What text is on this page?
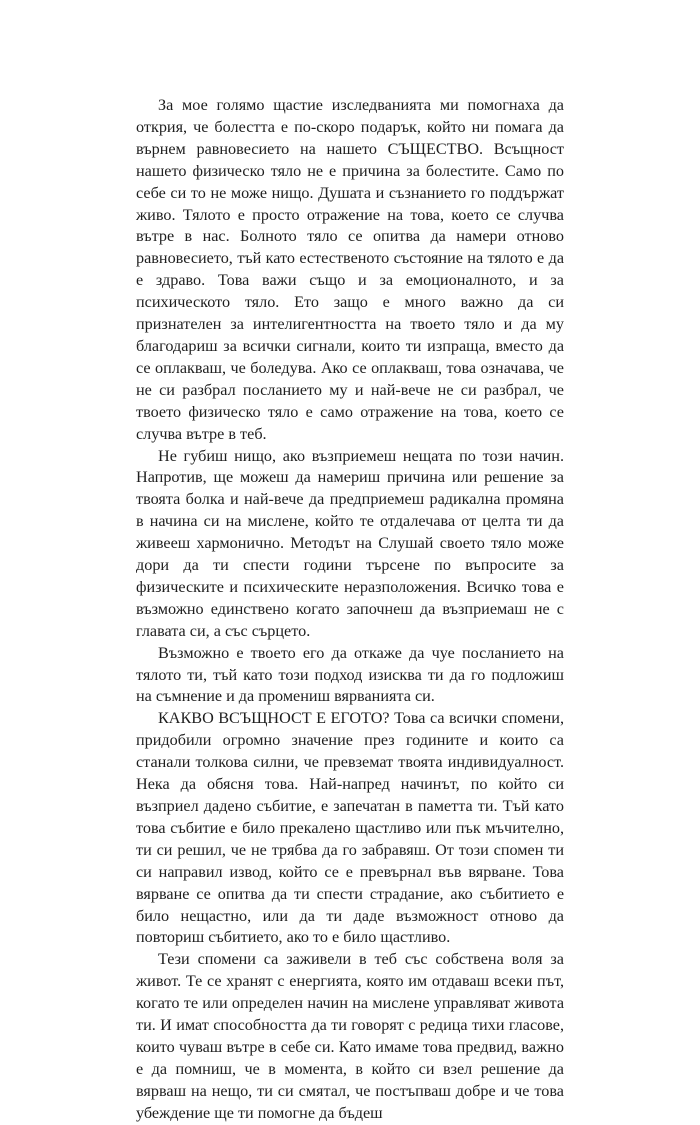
За мое голямо щастие изследванията ми помогнаха да открия, че болестта е по-скоро подарък, който ни помага да върнем равновесието на нашето СЪЩЕСТВО. Всъщност нашето физическо тяло не е причина за болестите. Само по себе си то не може нищо. Душата и съзнанието го поддържат живо. Тялото е просто отражение на това, което се случва вътре в нас. Болното тяло се опитва да намери отново равновесието, тъй като естественото състояние на тялото е да е здраво. Това важи също и за емоционалното, и за психическото тяло. Ето защо е много важно да си признателен за интелигентността на твоето тяло и да му благодариш за всички сигнали, които ти изпраща, вместо да се оплакваш, че боледува. Ако се оплакваш, това означава, че не си разбрал посланието му и най-вече не си разбрал, че твоето физическо тяло е само отражение на това, което се случва вътре в теб.

Не губиш нищо, ако възприемеш нещата по този начин. Напротив, ще можеш да намериш причина или решение за твоята болка и най-вече да предприемеш радикална промяна в начина си на мислене, който те отдалечава от целта ти да живееш хармонично. Методът на Слушай своето тяло може дори да ти спести години търсене по въпросите за физическите и психическите неразположения. Всичко това е възможно единствено когато започнеш да възприемаш не с главата си, а със сърцето.

Възможно е твоето его да откаже да чуе посланието на тялото ти, тъй като този подход изисква ти да го подложиш на съмнение и да промениш вярванията си.

КАКВО ВСЪЩНОСТ Е ЕГОТО? Това са всички спомени, придобили огромно значение през годините и които са станали толкова силни, че превземат твоята индивидуалност. Нека да обясня това. Най-напред начинът, по който си възприел дадено събитие, е запечатан в паметта ти. Тъй като това събитие е било прекалено щастливо или пък мъчително, ти си решил, че не трябва да го забравяш. От този спомен ти си направил извод, който се е превърнал във вярване. Това вярване се опитва да ти спести страдание, ако събитието е било нещастно, или да ти даде възможност отново да повториш събитието, ако то е било щастливо.

Тези спомени са заживели в теб със собствена воля за живот. Те се хранят с енергията, която им отдаваш всеки път, когато те или определен начин на мислене управляват живота ти. И имат способността да ти говорят с редица тихи гласове, които чуваш вътре в себе си. Като имаме това предвид, важно е да помниш, че в момента, в който си взел решение да вярваш на нещо, ти си смятал, че постъпваш добре и че това убеждение ще ти помогне да бъдеш
